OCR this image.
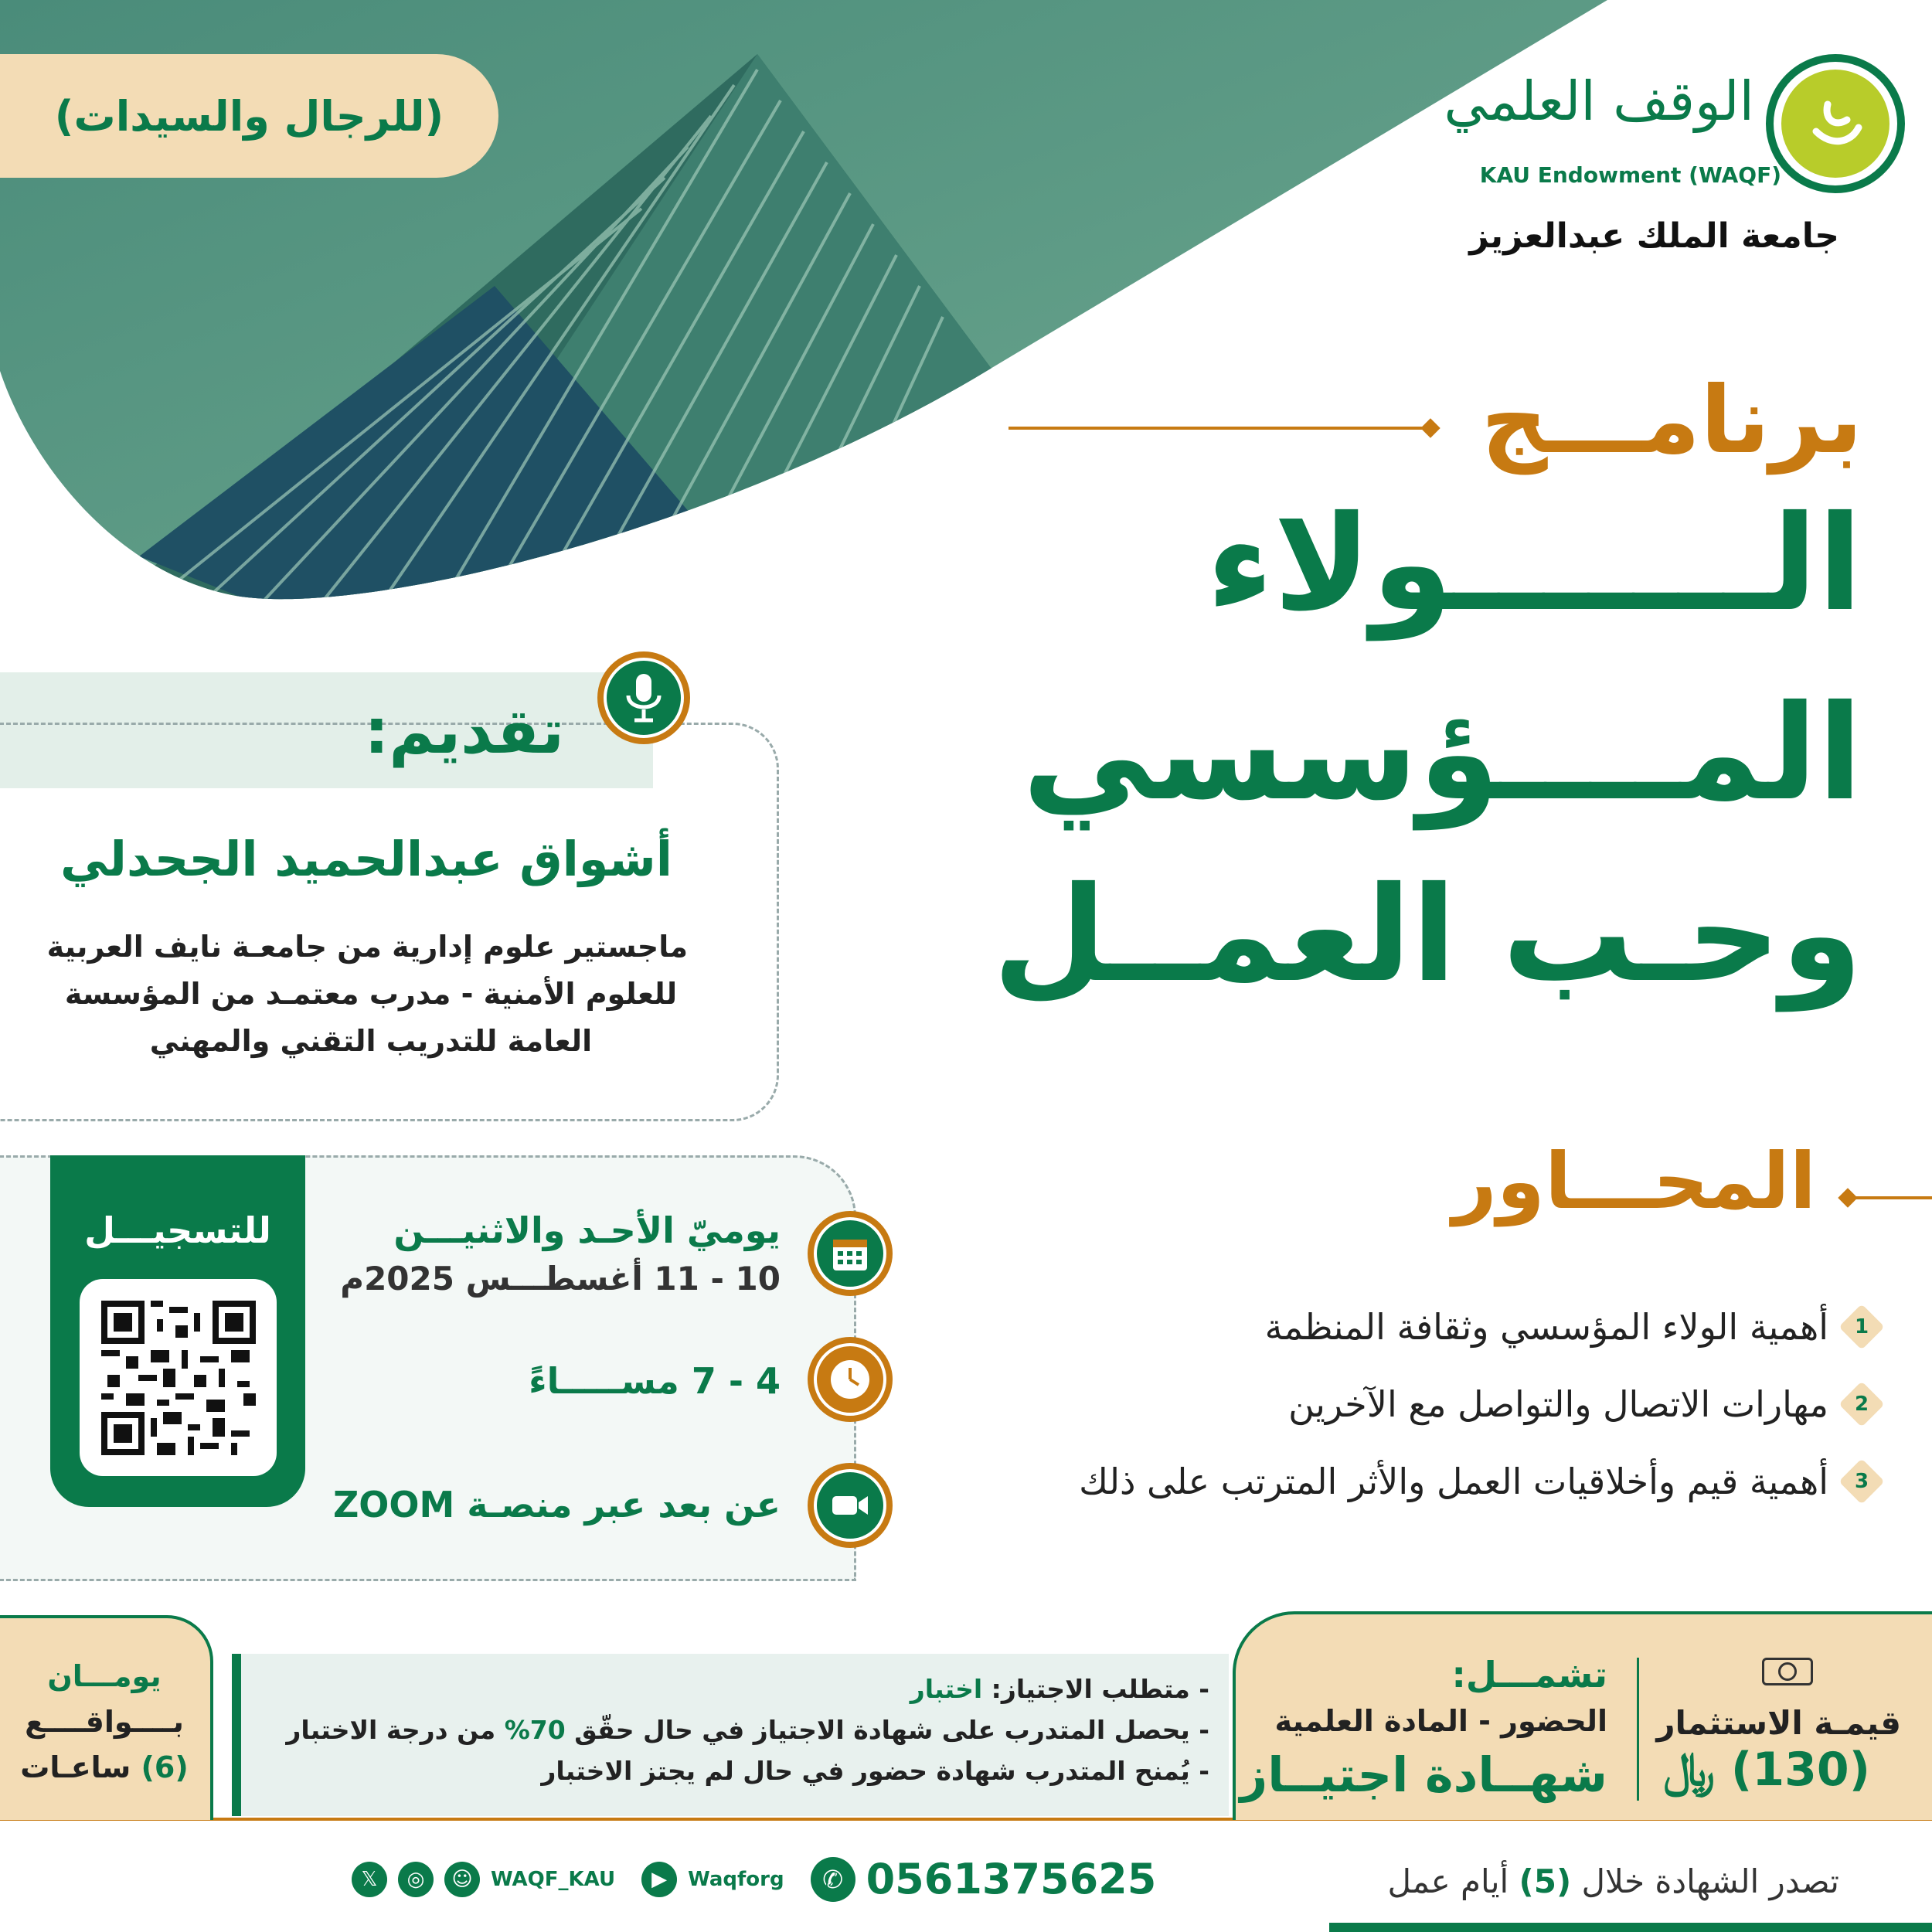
(للرجال والسيدات)	الوقف العلمي
KAU Endowment (WAQF)
جامعة الملك عبدالعزيز
برنامـــج
الـــــــولاء
المــــؤسسي
وحـب العمــل
تقديم:
أشواق عبدالحميد الجحدلي
ماجستير علوم إدارية من جامعـة نايف العربية
للعلوم الأمنية - مدرب معتمـد من المؤسسة
العامة للتدريب التقني والمهني
للتسجيـــل	يوميّ الأحـد والاثنيـــن
10 - 11 أغسطـــس 2025م
4 - 7 مســـــاءً
عن بعد عبر منصـة ZOOM
المحـــاور
1
أهمية الولاء المؤسسي وثقافة المنظمة
2
مهارات الاتصال والتواصل مع الآخرين
3
أهمية قيم وأخلاقيات العمل والأثر المترتب على ذلك
قيمـة الاستثمار
(130) ﷼
تشمـــل:
الحضور - المادة العلمية
شهــادة اجتيــاز
- متطلب الاجتياز: اختبار
- يحصل المتدرب على شهادة الاجتياز في حال حقّق 70% من درجة الاختبار
- يُمنح المتدرب شهادة حضور في حال لم يجتز الاختبار
يومـــان
بــــواقــــع
(6) ساعـات
تصدر الشهادة خلال (5) أيام عمل
𝕏	◎	☺ WAQF_KAU	▶	Waqforg	✆ 0561375625
